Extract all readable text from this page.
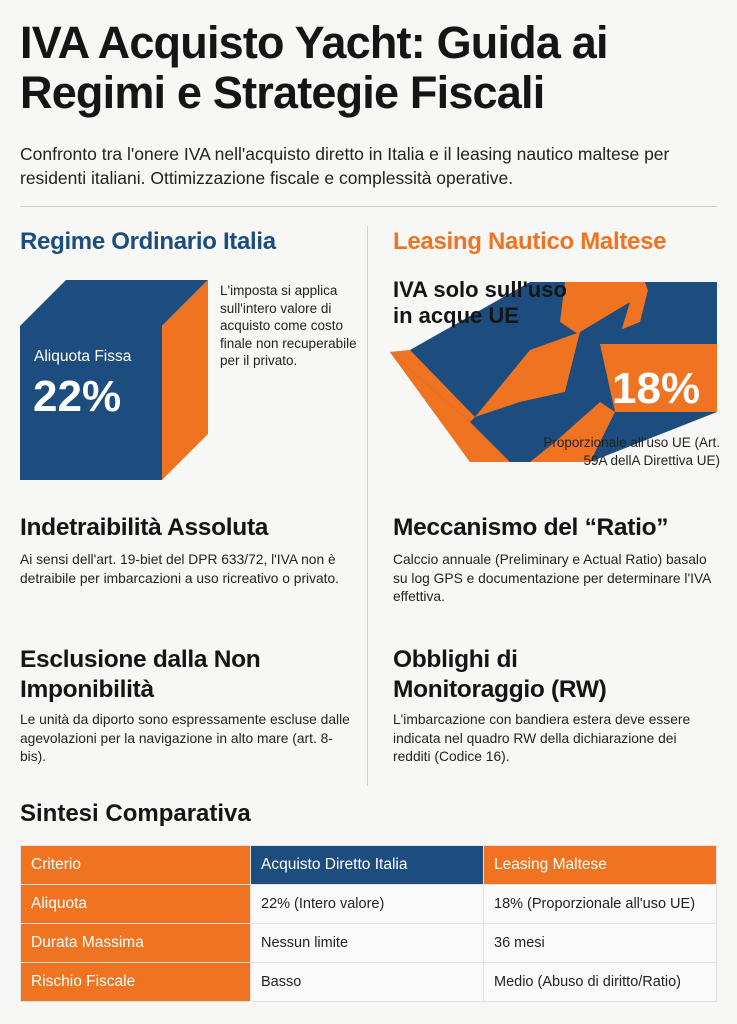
IVA Acquisto Yacht: Guida ai Regimi e Strategie Fiscali

Confronto tra l'onere IVA nell'acquisto diretto in Italia e il leasing nautico maltese per residenti italiani. Ottimizzazione fiscale e complessità operative.

Regime Ordinario Italia	Leasing Nautico Maltese
Aliquota Fissa
22%
L'imposta si applica sull'intero valore di acquisto come costo finale non recuperabile per il privato.
IVA solo sull'uso in acque UE
18%
Proporzionale all'uso UE (Art. 59A dellA Direttiva UE)
Indetraibilità Assoluta
Ai sensi dell'art. 19-biet del DPR 633/72, l'IVA non è detraibile per imbarcazioni a uso ricreativo o privato.
Esclusione dalla Non Imponibilità
Le unità da diporto sono espressamente escluse dalle agevolazioni per la navigazione in alto mare (art. 8-bis).
Meccanismo del “Ratio”
Calccio annuale (Preliminary e Actual Ratio) basalo su log GPS e documentazione per determinare l'IVA effettiva.
Obblighi di Monitoraggio (RW)
L'imbarcazione con bandiera estera deve essere indicata nel quadro RW della dichiarazione dei redditi (Codice 16).
Sintesi Comparativa
Criterio	Acquisto Diretto Italia	Leasing Maltese
Aliquota	22% (Intero valore)	18% (Proporzionale all'uso UE)
Durata Massima	Nessun limite	36 mesi
Rischio Fiscale	Basso	Medio (Abuso di diritto/Ratio)
